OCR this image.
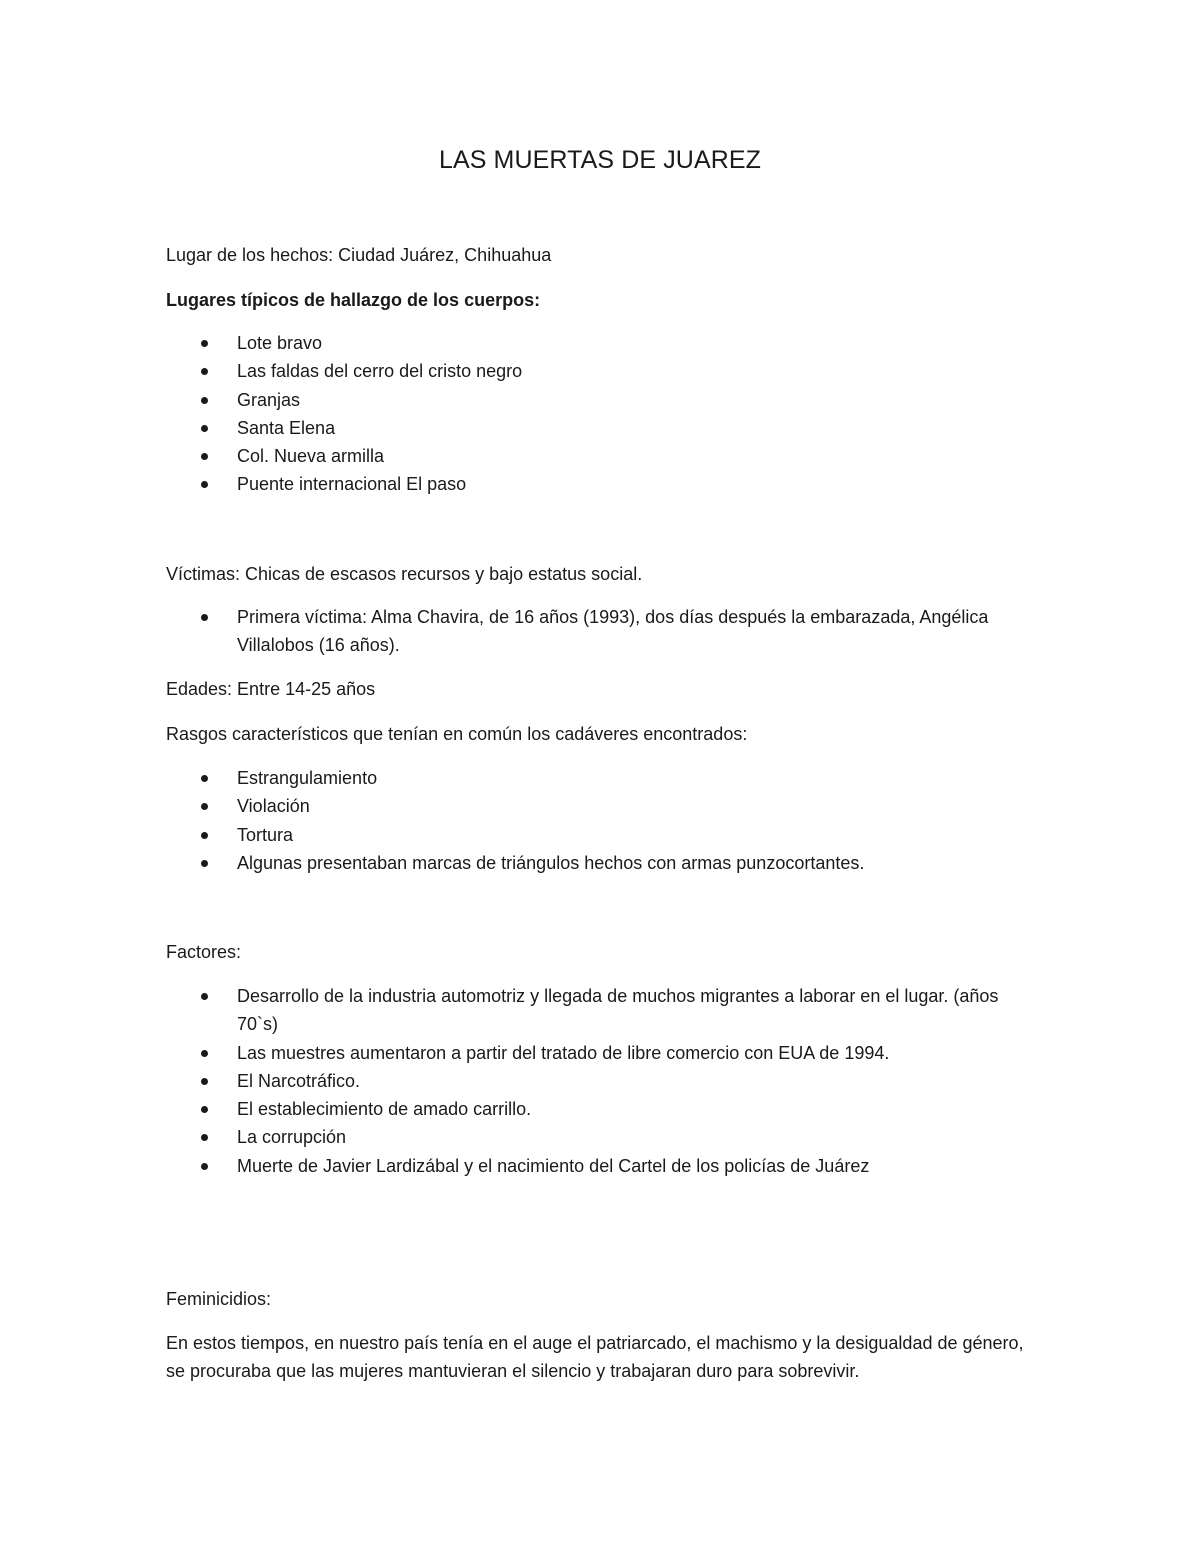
LAS MUERTAS DE JUAREZ

Lugar de los hechos: Ciudad Juárez, Chihuahua

Lugares típicos de hallazgo de los cuerpos:

Lote bravo
Las faldas del cerro del cristo negro
Granjas
Santa Elena
Col. Nueva armilla
Puente internacional El paso

Víctimas: Chicas de escasos recursos y bajo estatus social.

Primera víctima: Alma Chavira, de 16 años (1993), dos días después la embarazada, Angélica Villalobos (16 años).

Edades: Entre 14-25 años

Rasgos característicos que tenían en común los cadáveres encontrados:

Estrangulamiento
Violación
Tortura
Algunas presentaban marcas de triángulos hechos con armas punzocortantes.

Factores:

Desarrollo de la industria automotriz y llegada de muchos migrantes a laborar en el lugar. (años 70`s)
Las muestres aumentaron a partir del tratado de libre comercio con EUA de 1994.
El Narcotráfico.
El establecimiento de amado carrillo.
La corrupción
Muerte de Javier Lardizábal y el nacimiento del Cartel de los policías de Juárez

Feminicidios:

En estos tiempos, en nuestro país tenía en el auge el patriarcado, el machismo y la desigualdad de género, se procuraba que las mujeres mantuvieran el silencio y trabajaran duro para sobrevivir.
